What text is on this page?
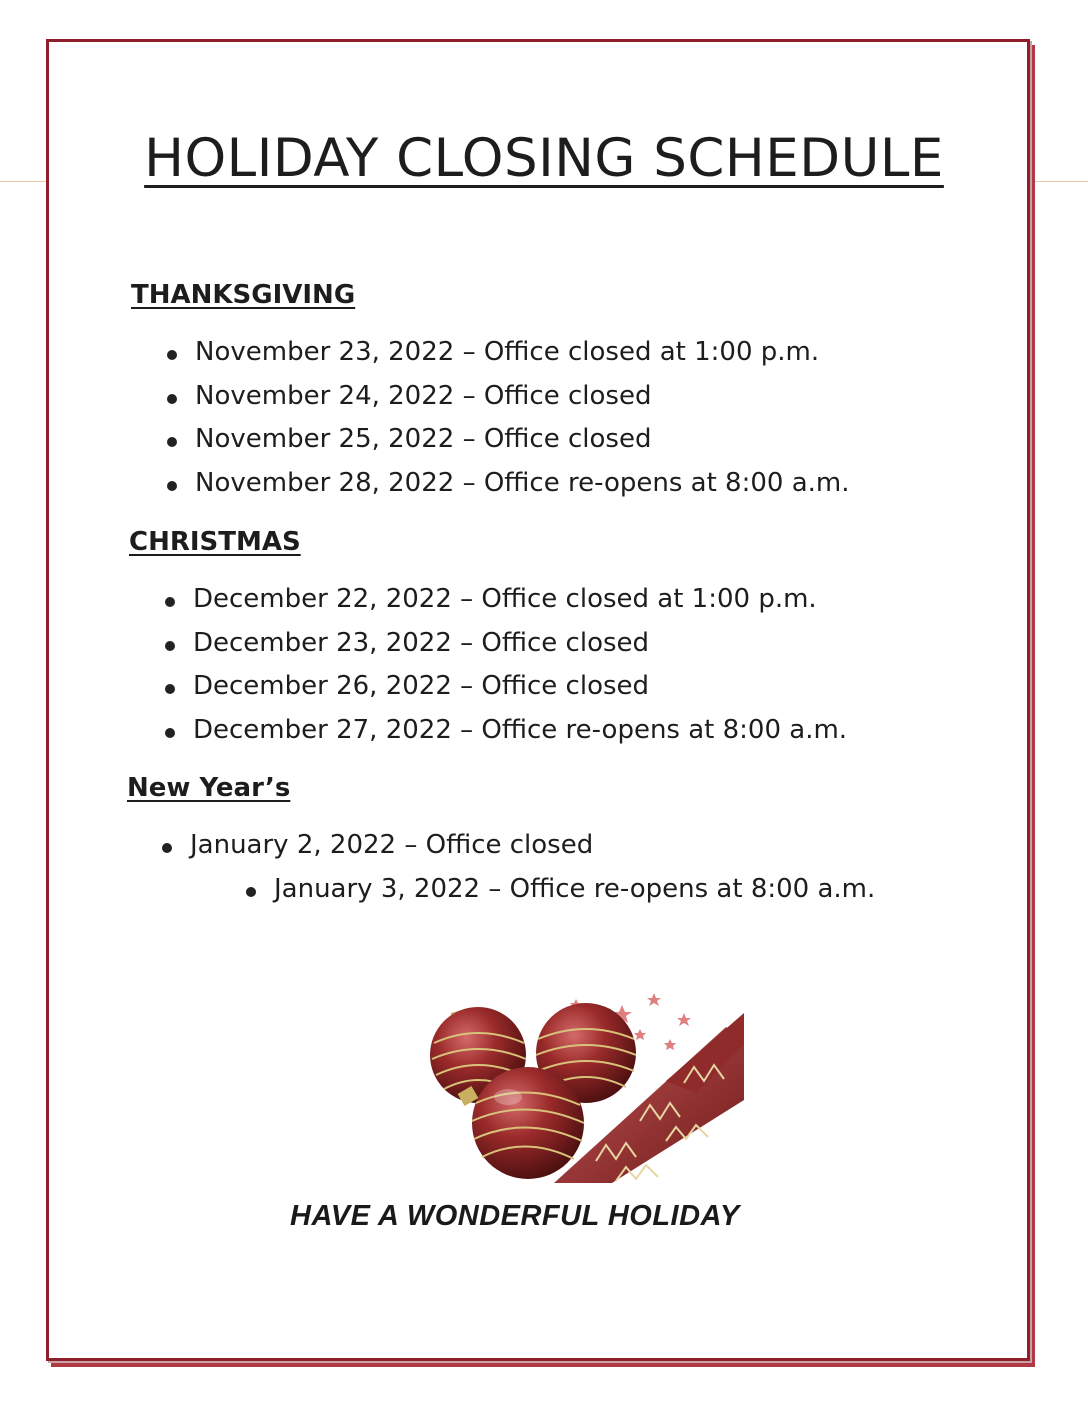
HOLIDAY CLOSING SCHEDULE
THANKSGIVING
November 23, 2022 – Office closed at 1:00 p.m.
November 24, 2022 – Office closed
November 25, 2022 – Office closed
November 28, 2022 – Office re-opens at 8:00 a.m.
CHRISTMAS
December 22, 2022 – Office closed at 1:00 p.m.
December 23, 2022 – Office closed
December 26, 2022 – Office closed
December 27, 2022 – Office re-opens at 8:00 a.m.
New Year’s
January 2, 2022 – Office closed
January 3, 2022 – Office re-opens at 8:00 a.m.
HAVE A WONDERFUL HOLIDAY
